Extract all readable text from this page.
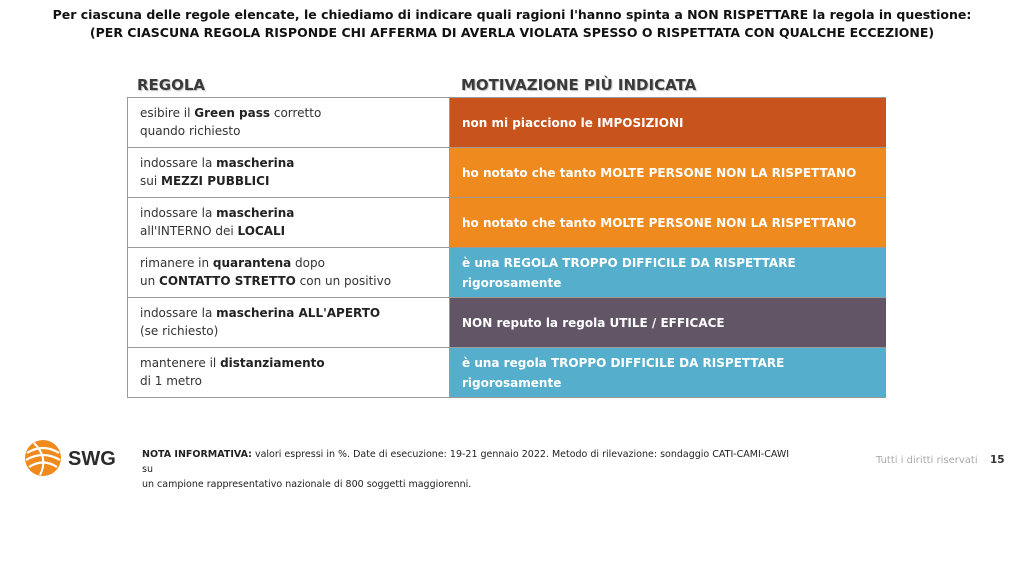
Per ciascuna delle regole elencate, le chiediamo di indicare quali ragioni l'hanno spinta a NON RISPETTARE la regola in questione:
(PER CIASCUNA REGOLA RISPONDE CHI AFFERMA DI AVERLA VIOLATA SPESSO O RISPETTATA CON QUALCHE ECCEZIONE)
REGOLA	MOTIVAZIONE PIÙ INDICATA
esibire il Green pass corretto
quando richiesto
non mi piacciono le IMPOSIZIONI
indossare la mascherina
sui MEZZI PUBBLICI
ho notato che tanto MOLTE PERSONE NON LA RISPETTANO
indossare la mascherina
all'INTERNO dei LOCALI
ho notato che tanto MOLTE PERSONE NON LA RISPETTANO
rimanere in quarantena dopo
un CONTATTO STRETTO con un positivo
è una REGOLA TROPPO DIFFICILE DA RISPETTARE
rigorosamente
indossare la mascherina ALL'APERTO
(se richiesto)
NON reputo la regola UTILE / EFFICACE
mantenere il distanziamento
di 1 metro
è una regola TROPPO DIFFICILE DA RISPETTARE rigorosamente
SWG	NOTA INFORMATIVA: valori espressi in %. Date di esecuzione: 19-21 gennaio 2022. Metodo di rilevazione: sondaggio CATI-CAMI-CAWI su
un campione rappresentativo nazionale di 800 soggetti maggiorenni.
Tutti i diritti riservati 15
